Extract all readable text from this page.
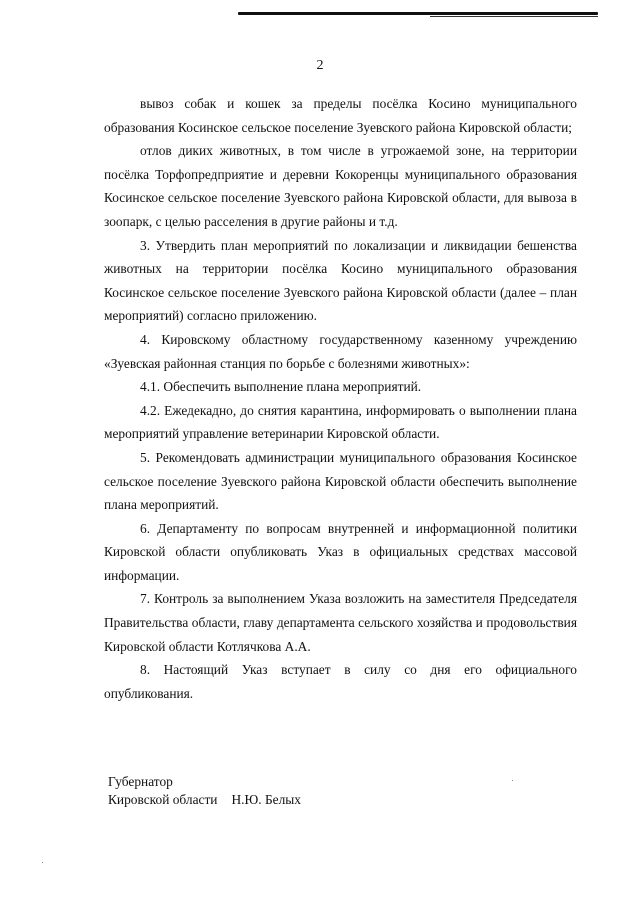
2

вывоз собак и кошек за пределы посёлка Косино муниципального образования Косинское сельское поселение Зуевского района Кировской области;

отлов диких животных, в том числе в угрожаемой зоне, на территории посёлка Торфопредприятие и деревни Кокоренцы муниципального образования Косинское сельское поселение Зуевского района Кировской области, для вывоза в зоопарк, с целью расселения в другие районы и т.д.

3. Утвердить план мероприятий по локализации и ликвидации бешенства животных на территории посёлка Косино муниципального образования Косинское сельское поселение Зуевского района Кировской области (далее – план мероприятий) согласно приложению.

4. Кировскому областному государственному казенному учреждению «Зуевская районная станция по борьбе с болезнями животных»:

4.1. Обеспечить выполнение плана мероприятий.

4.2. Ежедекадно, до снятия карантина, информировать о выполнении плана мероприятий управление ветеринарии Кировской области.

5. Рекомендовать администрации муниципального образования Косинское сельское поселение Зуевского района Кировской области обеспечить выполнение плана мероприятий.

6. Департаменту по вопросам внутренней и информационной политики Кировской области опубликовать Указ в официальных средствах массовой информации.

7. Контроль за выполнением Указа возложить на заместителя Председателя Правительства области, главу департамента сельского хозяйства и продовольствия Кировской области Котлячкова А.А.

8. Настоящий Указ вступает в силу со дня его официального опубликования.

Губернатор
Кировской области Н.Ю. Белых
